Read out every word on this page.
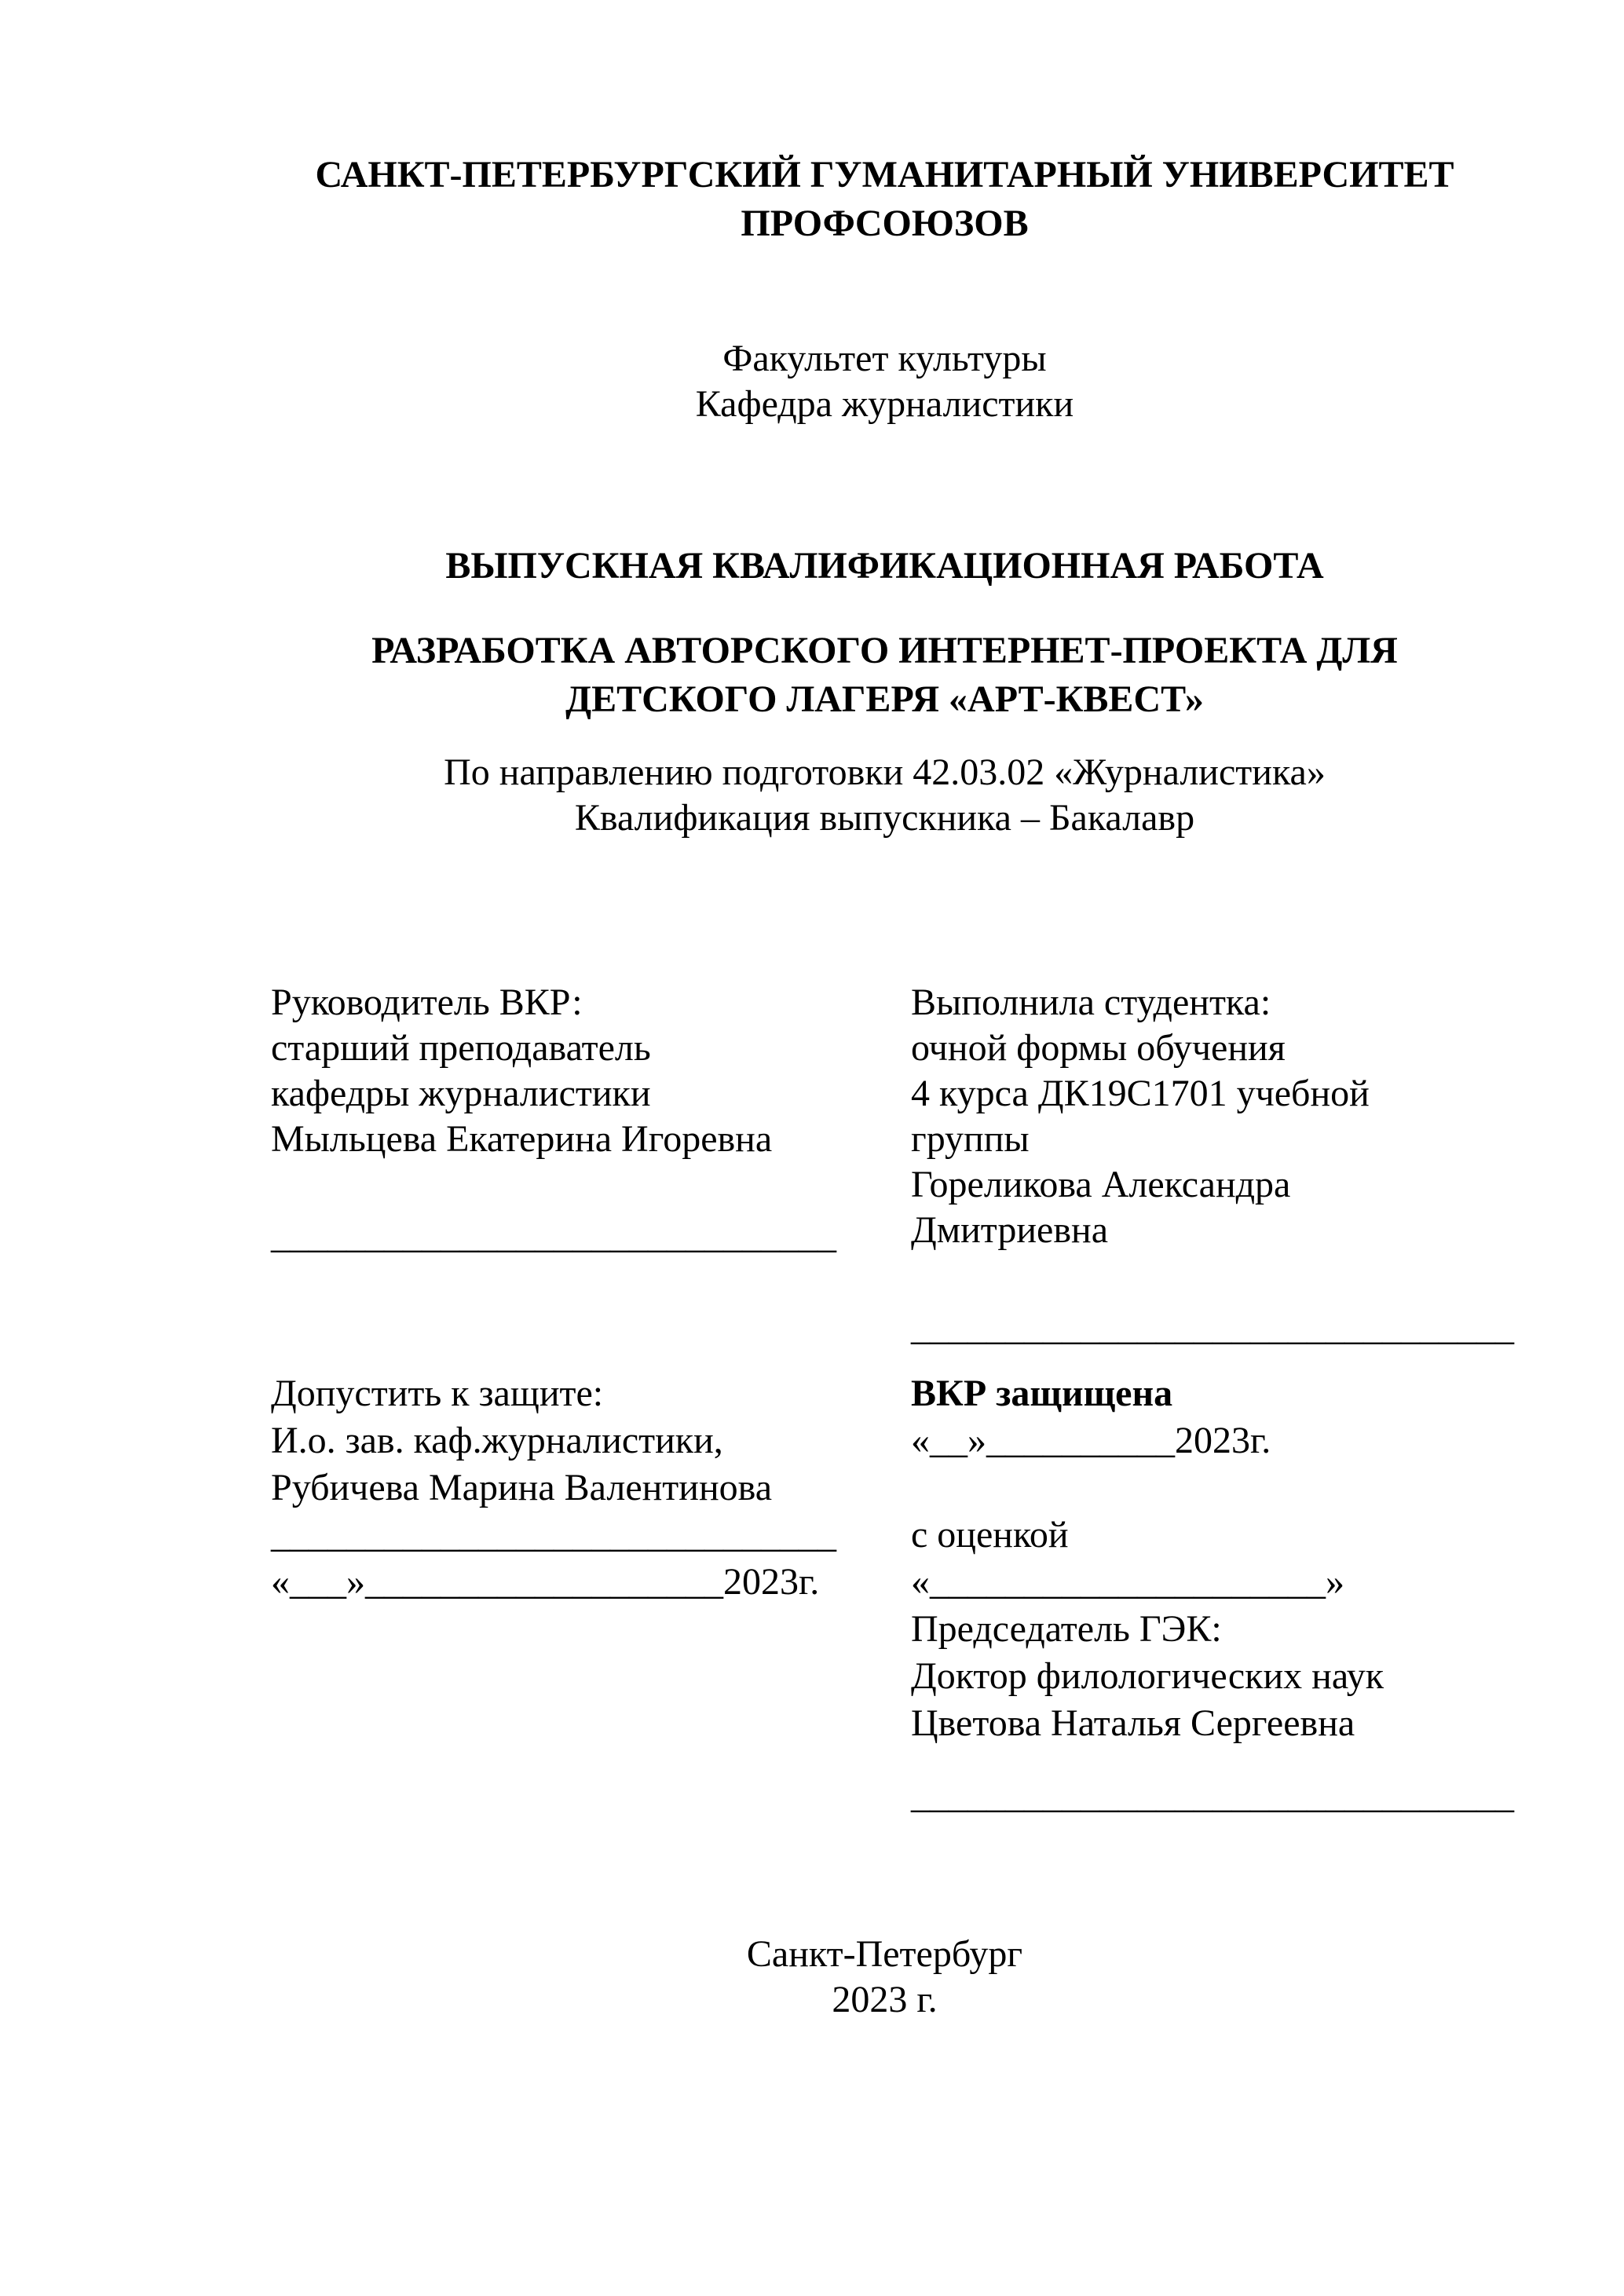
САНКТ-ПЕТЕРБУРГСКИЙ ГУМАНИТАРНЫЙ УНИВЕРСИТЕТ
ПРОФСОЮЗОВ
Факультет культуры
Кафедра журналистики
ВЫПУСКНАЯ КВАЛИФИКАЦИОННАЯ РАБОТА
РАЗРАБОТКА АВТОРСКОГО ИНТЕРНЕТ-ПРОЕКТА ДЛЯ
ДЕТСКОГО ЛАГЕРЯ «АРТ-КВЕСТ»
По направлению подготовки 42.03.02 «Журналистика»
Квалификация выпускника – Бакалавр
Руководитель ВКР:
старший преподаватель
кафедры журналистики
Мыльцева Екатерина Игоревна
Выполнила студентка:
очной формы обучения
4 курса ДК19С1701 учебной
группы
Гореликова Александра
Дмитриевна
______________________________
________________________________
Допустить к защите:
И.о. зав. каф.журналистики,
Рубичева Марина Валентинова
______________________________
«___»___________________2023г.
ВКР защищена
«__»__________2023г.
с оценкой
«_____________________»
Председатель ГЭК:
Доктор филологических наук
Цветова Наталья Сергеевна
________________________________
Санкт-Петербург
2023 г.
